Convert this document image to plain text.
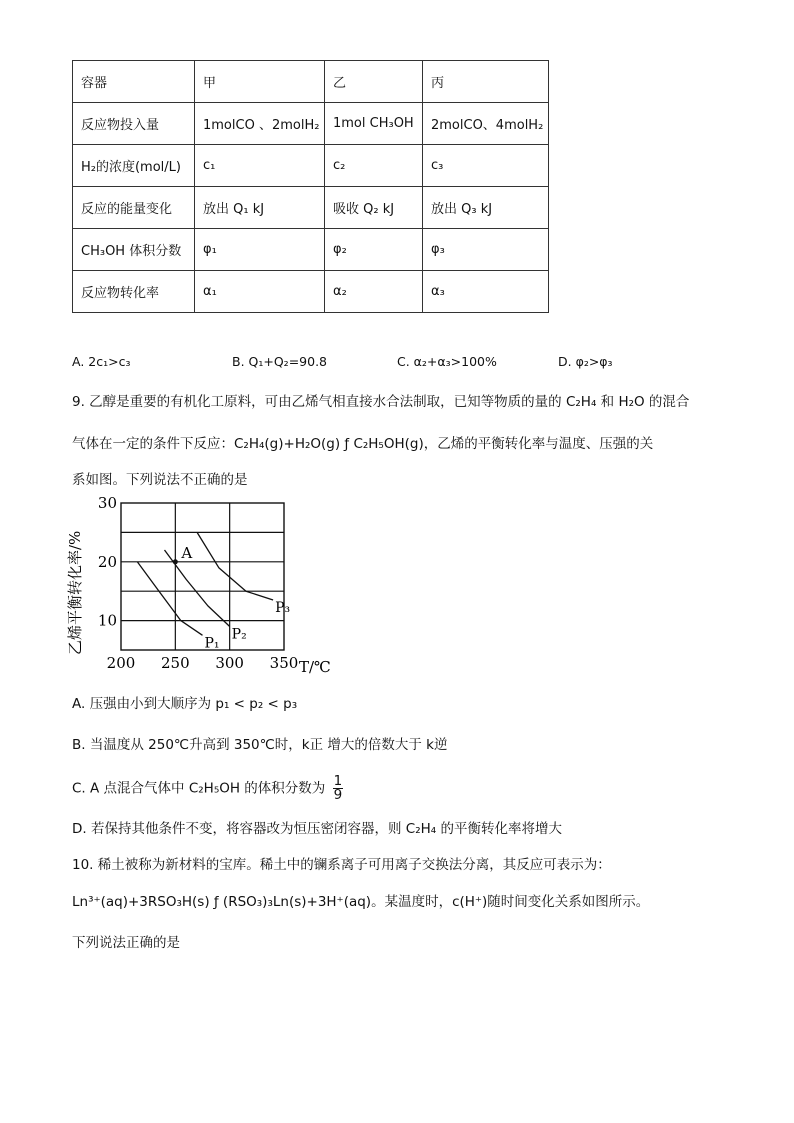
容器	甲	乙	丙
反应物投入量	1molCO 、2molH₂	1mol CH₃OH	2molCO、4molH₂
H₂的浓度(mol/L)	c₁	c₂	c₃
反应的能量变化	放出 Q₁ kJ	吸收 Q₂ kJ	放出 Q₃ kJ
CH₃OH 体积分数	φ₁	φ₂	φ₃
反应物转化率	α₁	α₂	α₃
A. 2c₁>c₃	B. Q₁+Q₂=90.8	C. α₂+α₃>100%	D. φ₂>φ₃
9. 乙醇是重要的有机化工原料，可由乙烯气相直接水合法制取，已知等物质的量的 C₂H₄ 和 H₂O 的混合
气体在一定的条件下反应：C₂H₄(g)+H₂O(g) ƒ C₂H₅OH(g)，乙烯的平衡转化率与温度、压强的关
系如图。下列说法不正确的是
200 250 300 350
30
20
10
P₁
P₂
P₃
A
乙烯平衡转化率/%
T/℃
A. 压强由小到大顺序为 p₁ < p₂ < p₃
B. 当温度从 250℃升高到 350℃时，k正 增大的倍数大于 k逆
C. A 点混合气体中 C₂H₅OH 的体积分数为 $\frac{1}{9}$
D. 若保持其他条件不变，将容器改为恒压密闭容器，则 C₂H₄ 的平衡转化率将增大
10. 稀土被称为新材料的宝库。稀土中的镧系离子可用离子交换法分离，其反应可表示为：
Ln³⁺(aq)+3RSO₃H(s) ƒ (RSO₃)₃Ln(s)+3H⁺(aq)。某温度时，c(H⁺)随时间变化关系如图所示。
下列说法正确的是
